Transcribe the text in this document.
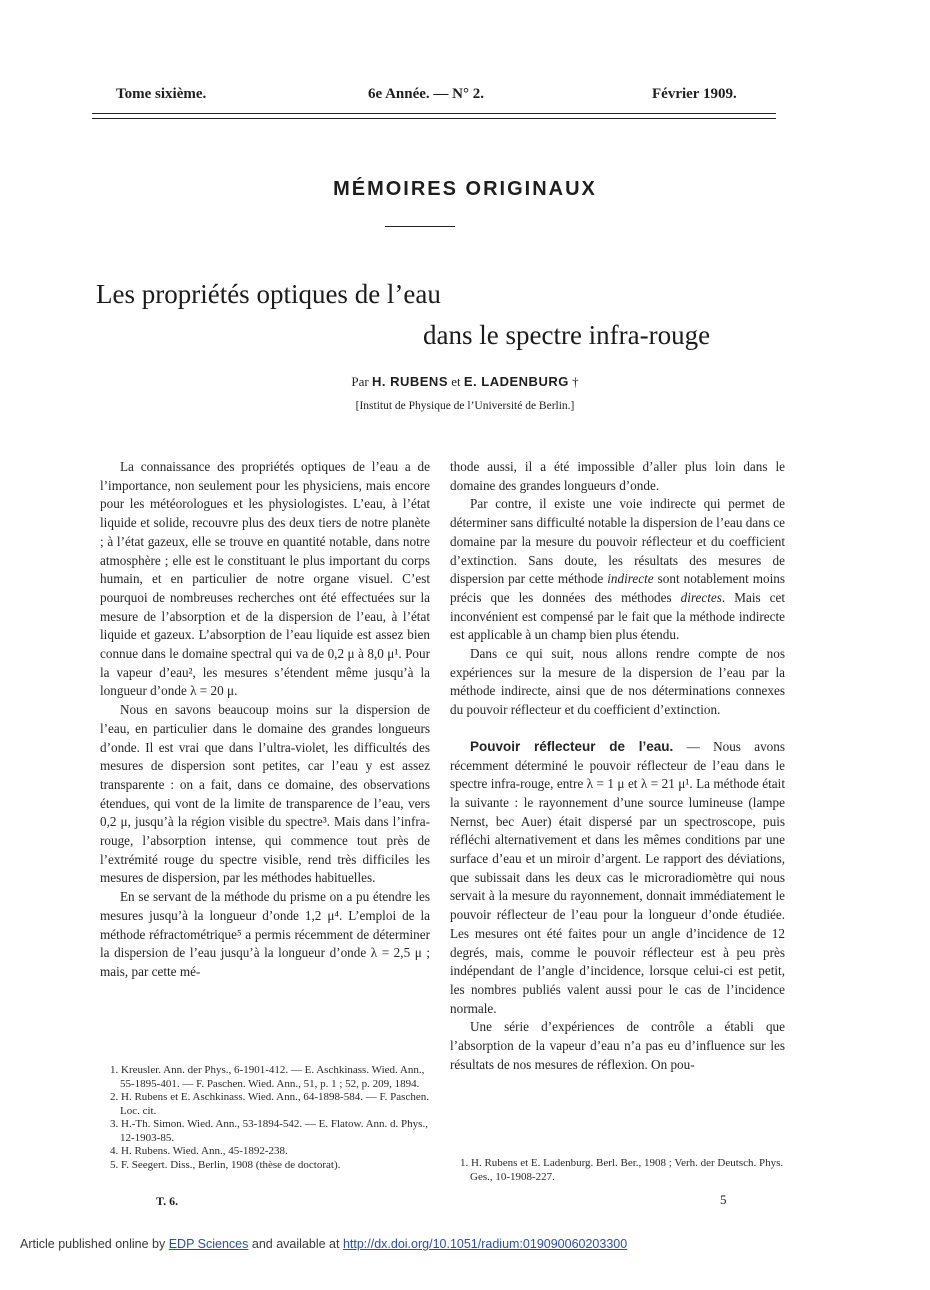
Tome sixième.	6e Année. — N° 2.	Février 1909.
MÉMOIRES ORIGINAUX
Les propriétés optiques de l’eau
dans le spectre infra-rouge
Par H. RUBENS et E. LADENBURG †
[Institut de Physique de l’Université de Berlin.]

La connaissance des propriétés optiques de l’eau a de l’importance, non seulement pour les physiciens, mais encore pour les météorologues et les physiologistes. L’eau, à l’état liquide et solide, recouvre plus des deux tiers de notre planète ; à l’état gazeux, elle se trouve en quantité notable, dans notre atmosphère ; elle est le constituant le plus important du corps humain, et en particulier de notre organe visuel. C’est pourquoi de nombreuses recherches ont été effectuées sur la mesure de l’absorption et de la dispersion de l’eau, à l’état liquide et gazeux. L’absorption de l’eau liquide est assez bien connue dans le domaine spectral qui va de 0,2 μ à 8,0 μ¹. Pour la vapeur d’eau², les mesures s’étendent même jusqu’à la longueur d’onde λ = 20 μ.

Nous en savons beaucoup moins sur la dispersion de l’eau, en particulier dans le domaine des grandes longueurs d’onde. Il est vrai que dans l’ultra-violet, les difficultés des mesures de dispersion sont petites, car l’eau y est assez transparente : on a fait, dans ce domaine, des observations étendues, qui vont de la limite de transparence de l’eau, vers 0,2 μ, jusqu’à la région visible du spectre³. Mais dans l’infra-rouge, l’absorption intense, qui commence tout près de l’extrémité rouge du spectre visible, rend très difficiles les mesures de dispersion, par les méthodes habituelles.

En se servant de la méthode du prisme on a pu étendre les mesures jusqu’à la longueur d’onde 1,2 μ⁴. L’emploi de la méthode réfractométrique⁵ a permis récemment de déterminer la dispersion de l’eau jusqu’à la longueur d’onde λ = 2,5 μ ; mais, par cette mé-

1. Kreusler. Ann. der Phys., 6-1901-412. — E. Aschkinass. Wied. Ann., 55-1895-401. — F. Paschen. Wied. Ann., 51, p. 1 ; 52, p. 209, 1894.
2. H. Rubens et E. Aschkinass. Wied. Ann., 64-1898-584. — F. Paschen. Loc. cit.
3. H.-Th. Simon. Wied. Ann., 53-1894-542. — E. Flatow. Ann. d. Phys., 12-1903-85.
4. H. Rubens. Wied. Ann., 45-1892-238.
5. F. Seegert. Diss., Berlin, 1908 (thèse de doctorat).

thode aussi, il a été impossible d’aller plus loin dans le domaine des grandes longueurs d’onde.

Par contre, il existe une voie indirecte qui permet de déterminer sans difficulté notable la dispersion de l’eau dans ce domaine par la mesure du pouvoir réflecteur et du coefficient d’extinction. Sans doute, les résultats des mesures de dispersion par cette méthode indirecte sont notablement moins précis que les données des méthodes directes. Mais cet inconvénient est compensé par le fait que la méthode indirecte est applicable à un champ bien plus étendu.

Dans ce qui suit, nous allons rendre compte de nos expériences sur la mesure de la dispersion de l’eau par la méthode indirecte, ainsi que de nos déterminations connexes du pouvoir réflecteur et du coefficient d’extinction.

Pouvoir réflecteur de l’eau. — Nous avons récemment déterminé le pouvoir réflecteur de l’eau dans le spectre infra-rouge, entre λ = 1 μ et λ = 21 μ¹. La méthode était la suivante : le rayonnement d’une source lumineuse (lampe Nernst, bec Auer) était dispersé par un spectroscope, puis réfléchi alternativement et dans les mêmes conditions par une surface d’eau et un miroir d’argent. Le rapport des déviations, que subissait dans les deux cas le microradiomètre qui nous servait à la mesure du rayonnement, donnait immédiatement le pouvoir réflecteur de l’eau pour la longueur d’onde étudiée. Les mesures ont été faites pour un angle d’incidence de 12 degrés, mais, comme le pouvoir réflecteur est à peu près indépendant de l’angle d’incidence, lorsque celui-ci est petit, les nombres publiés valent aussi pour le cas de l’incidence normale.

Une série d’expériences de contrôle a établi que l’absorption de la vapeur d’eau n’a pas eu d’influence sur les résultats de nos mesures de réflexion. On pou-

1. H. Rubens et E. Ladenburg. Berl. Ber., 1908 ; Verh. der Deutsch. Phys. Ges., 10-1908-227.
T. 6.	5
Article published online by EDP Sciences and available at http://dx.doi.org/10.1051/radium:019090060203300
